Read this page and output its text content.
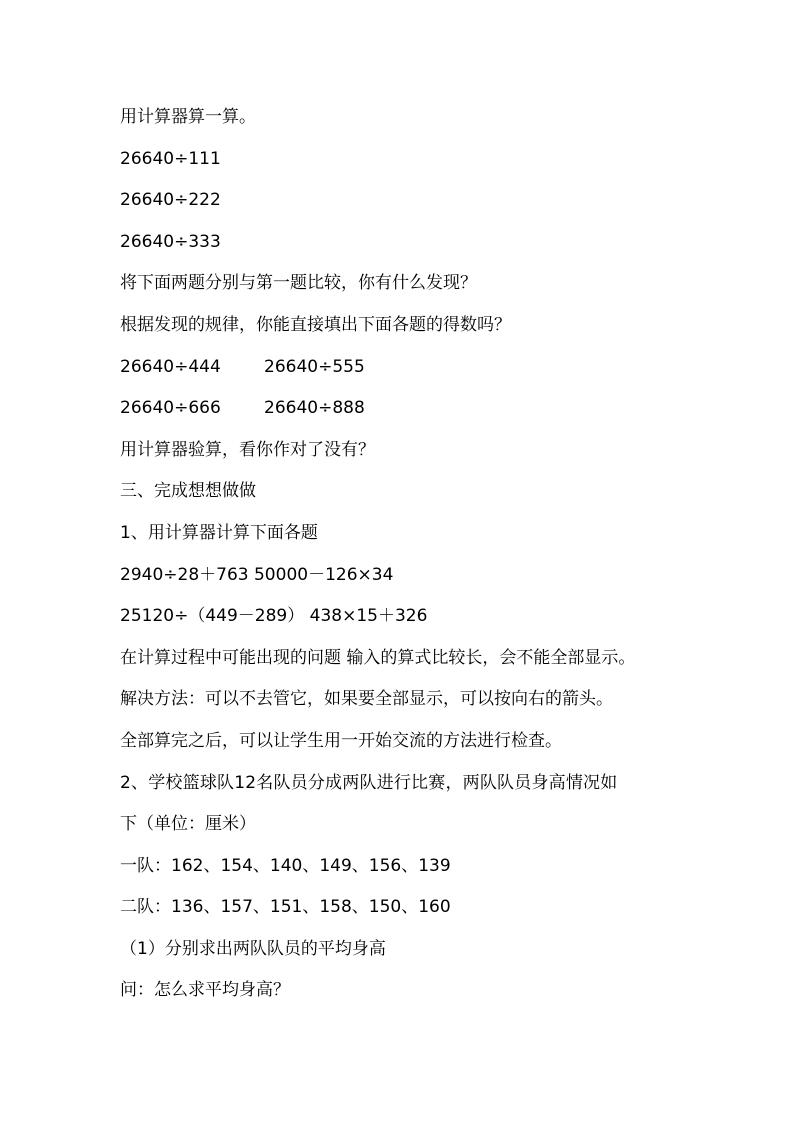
用计算器算一算。
26640÷111
26640÷222
26640÷333
将下面两题分别与第一题比较，你有什么发现？
根据发现的规律，你能直接填出下面各题的得数吗？
26640÷444	26640÷555
26640÷666	26640÷888
用计算器验算，看你作对了没有？
三、完成想想做做
1、用计算器计算下面各题
2940÷28＋763 50000－126×34
25120÷（449－289） 438×15＋326
在计算过程中可能出现的问题 输入的算式比较长，会不能全部显示。
解决方法：可以不去管它，如果要全部显示，可以按向右的箭头。
全部算完之后，可以让学生用一开始交流的方法进行检查。
2、学校篮球队12名队员分成两队进行比赛，两队队员身高情况如
下（单位：厘米）
一队：162、154、140、149、156、139
二队：136、157、151、158、150、160
（1）分别求出两队队员的平均身高
问：怎么求平均身高？
